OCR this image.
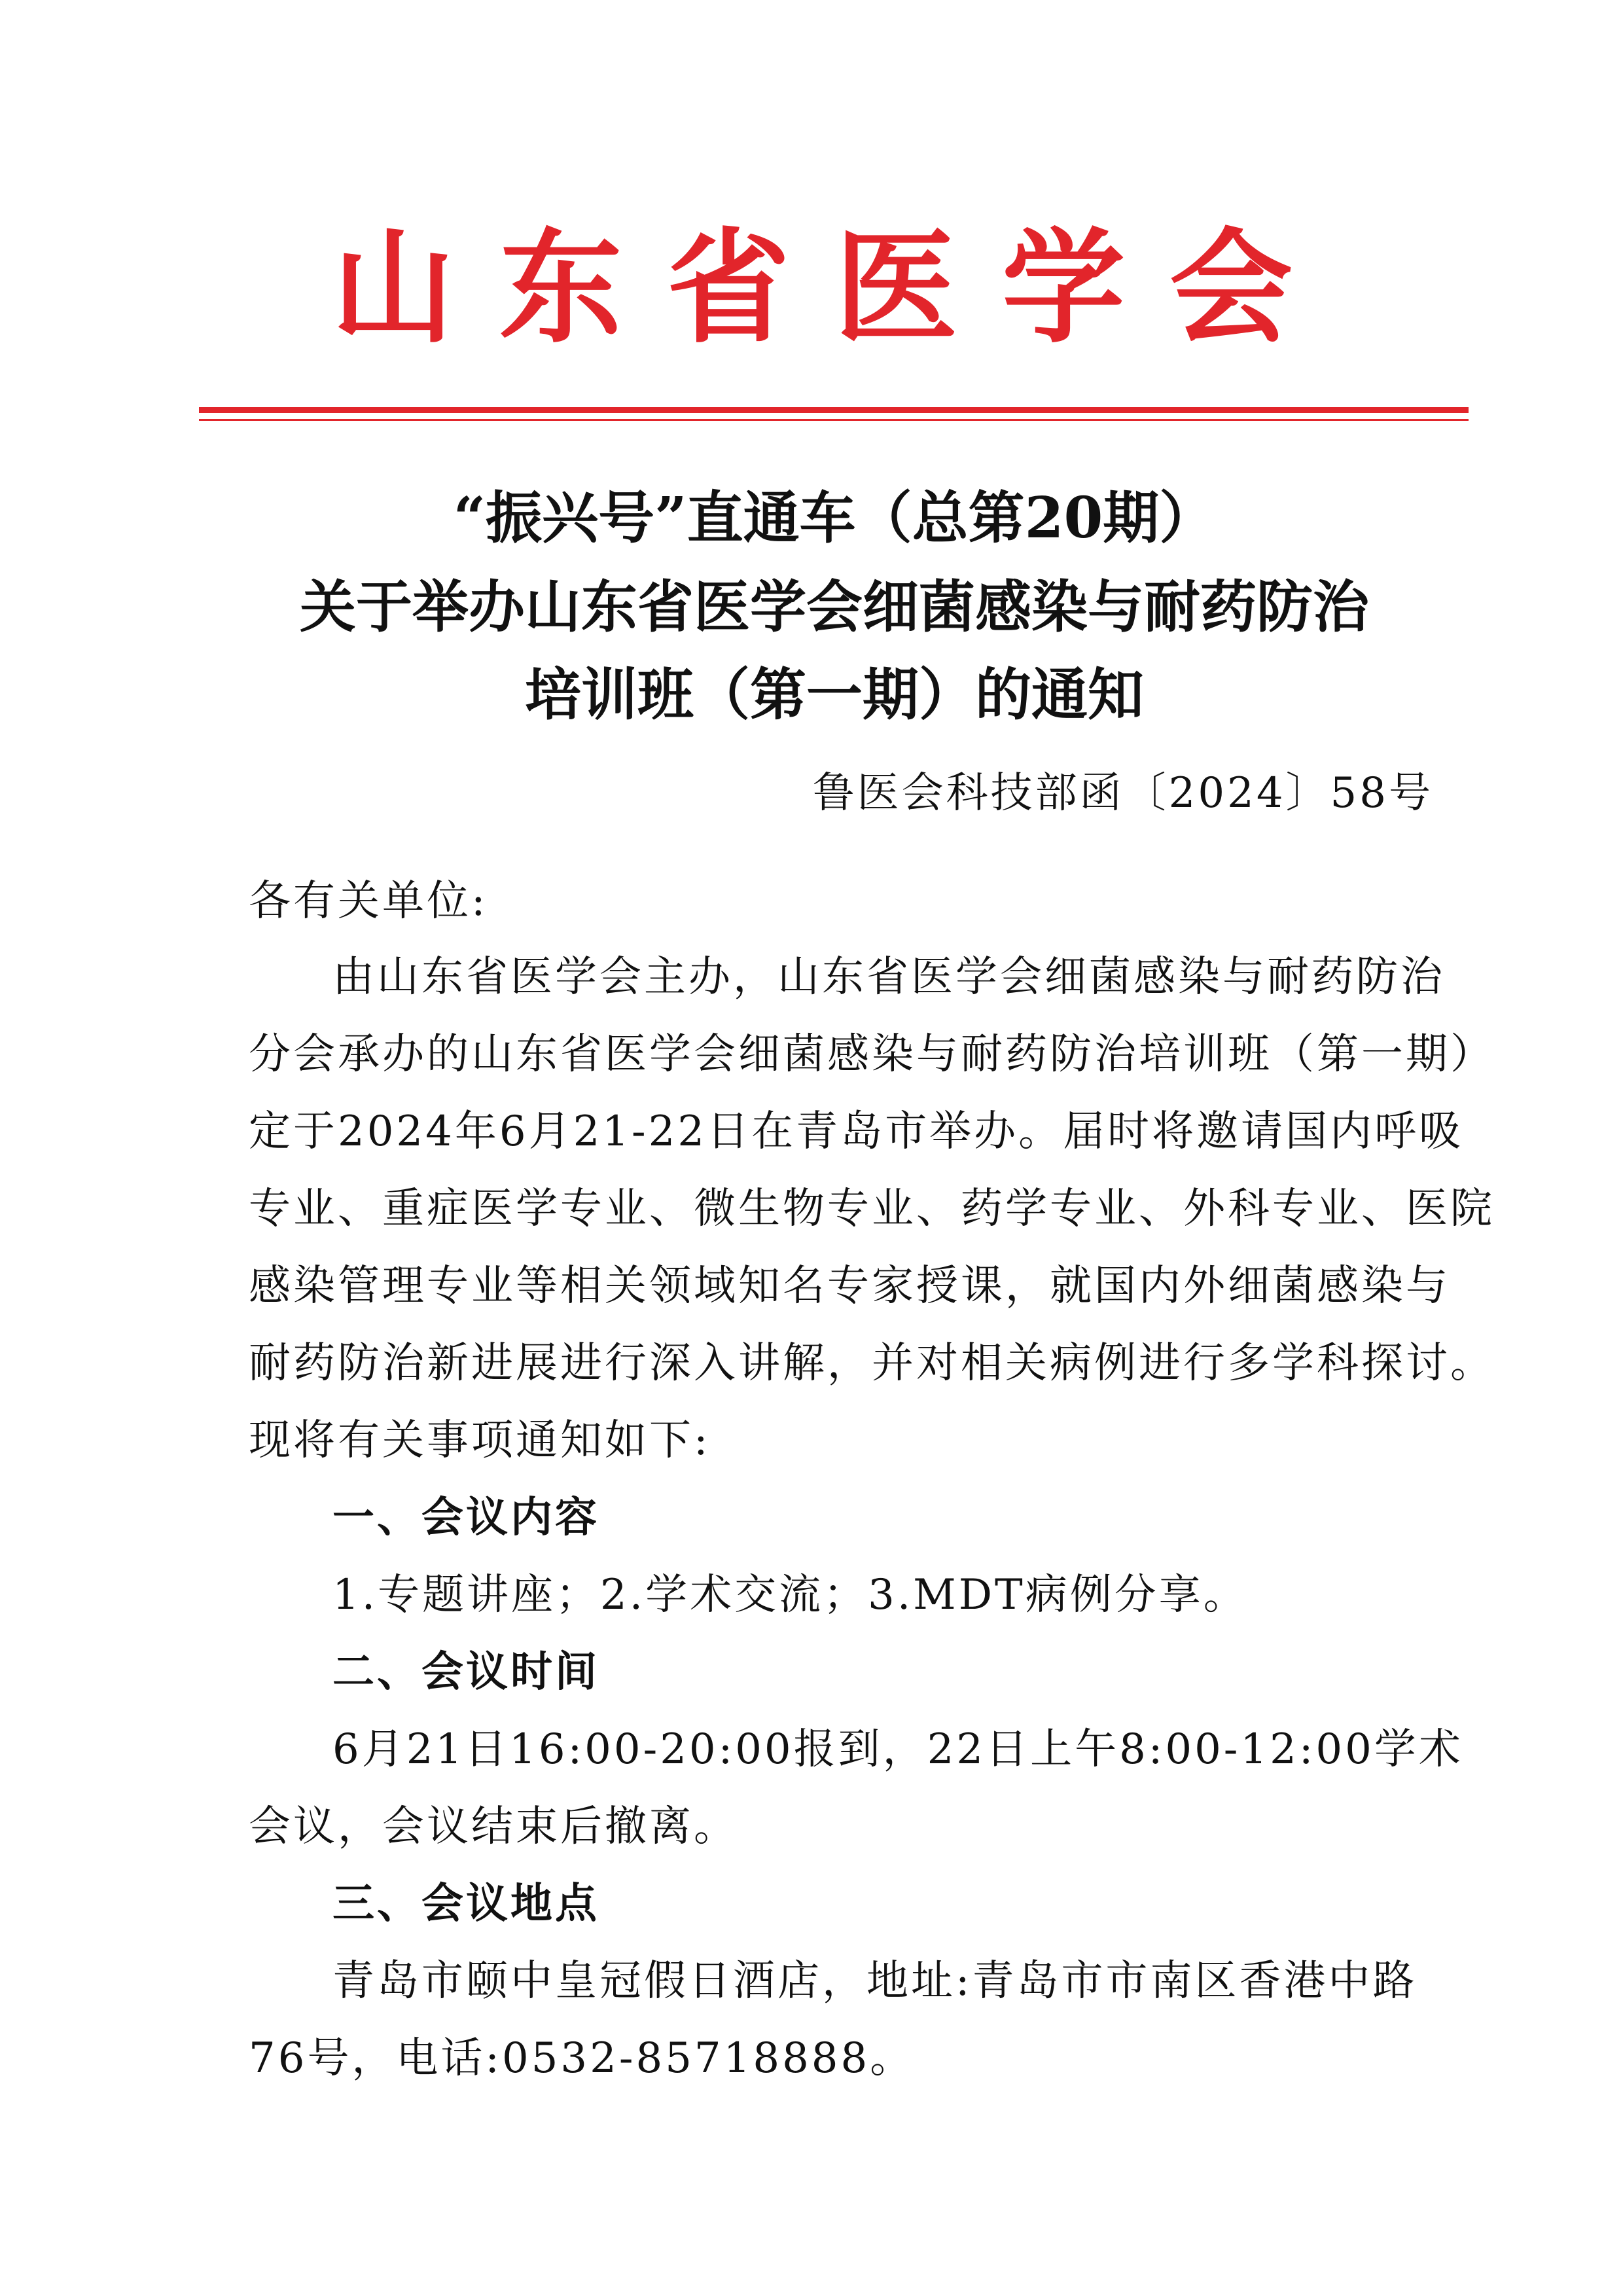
山东省医学会
“振兴号”直通车（总第20期）
关于举办山东省医学会细菌感染与耐药防治
培训班（第一期）的通知

鲁医会科技部函〔2024〕58号

各有关单位:

由山东省医学会主办，山东省医学会细菌感染与耐药防治

分会承办的山东省医学会细菌感染与耐药防治培训班（第一期）

定于2024年6月21-22日在青岛市举办。届时将邀请国内呼吸

专业、重症医学专业、微生物专业、药学专业、外科专业、医院

感染管理专业等相关领域知名专家授课，就国内外细菌感染与

耐药防治新进展进行深入讲解，并对相关病例进行多学科探讨。

现将有关事项通知如下:

一、会议内容

1.专题讲座；2.学术交流；3.MDT病例分享。

二、会议时间

6月21日16:00-20:00报到，22日上午8:00-12:00学术

会议，会议结束后撤离。

三、会议地点

青岛市颐中皇冠假日酒店，地址:青岛市市南区香港中路

76号，电话:0532-85718888。
